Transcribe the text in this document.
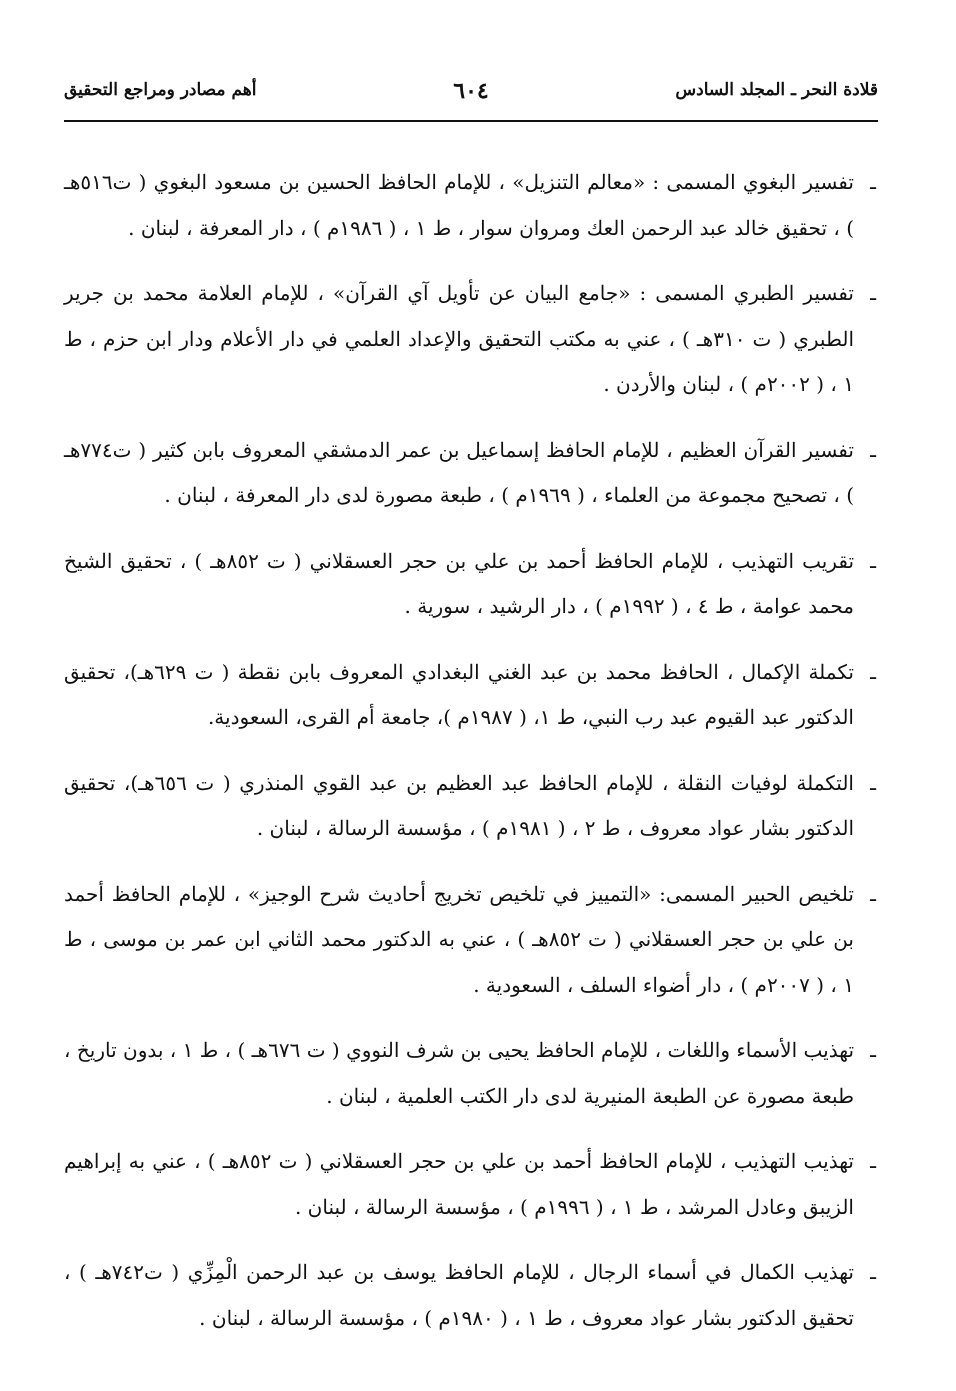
قلادة النحر ـ المجلد السادس
٦٠٤
أهم مصادر ومراجع التحقيق

ـ
تفسير البغوي المسمى : «معالم التنزيل» ، للإمام الحافظ الحسين بن مسعود البغوي ( ت٥١٦هـ ) ، تحقيق خالد عبد الرحمن العك ومروان سوار ، ط ١ ، ( ١٩٨٦م ) ، دار المعرفة ، لبنان .

ـ
تفسير الطبري المسمى : «جامع البيان عن تأويل آي القرآن» ، للإمام العلامة محمد بن جرير الطبري ( ت ٣١٠هـ ) ، عني به مكتب التحقيق والإعداد العلمي في دار الأعلام ودار ابن حزم ، ط ١ ، ( ٢٠٠٢م ) ، لبنان والأردن .

ـ
تفسير القرآن العظيم ، للإمام الحافظ إسماعيل بن عمر الدمشقي المعروف بابن كثير ( ت٧٧٤هـ ) ، تصحيح مجموعة من العلماء ، ( ١٩٦٩م ) ، طبعة مصورة لدى دار المعرفة ، لبنان .

ـ
تقريب التهذيب ، للإمام الحافظ أحمد بن علي بن حجر العسقلاني ( ت ٨٥٢هـ ) ، تحقيق الشيخ محمد عوامة ، ط ٤ ، ( ١٩٩٢م ) ، دار الرشيد ، سورية .

ـ
تكملة الإكمال ، الحافظ محمد بن عبد الغني البغدادي المعروف بابن نقطة ( ت ٦٢٩هـ)، تحقيق الدكتور عبد القيوم عبد رب النبي، ط ١، ( ١٩٨٧م )، جامعة أم القرى، السعودية.

ـ
التكملة لوفيات النقلة ، للإمام الحافظ عبد العظيم بن عبد القوي المنذري ( ت ٦٥٦هـ)، تحقيق الدكتور بشار عواد معروف ، ط ٢ ، ( ١٩٨١م ) ، مؤسسة الرسالة ، لبنان .

ـ
تلخيص الحبير المسمى: «التمييز في تلخيص تخريج أحاديث شرح الوجيز» ، للإمام الحافظ أحمد بن علي بن حجر العسقلاني ( ت ٨٥٢هـ ) ، عني به الدكتور محمد الثاني ابن عمر بن موسى ، ط ١ ، ( ٢٠٠٧م ) ، دار أضواء السلف ، السعودية .

ـ
تهذيب الأسماء واللغات ، للإمام الحافظ يحيى بن شرف النووي ( ت ٦٧٦هـ ) ، ط ١ ، بدون تاريخ ، طبعة مصورة عن الطبعة المنيرية لدى دار الكتب العلمية ، لبنان .

ـ
تهذيب التهذيب ، للإمام الحافظ أحمد بن علي بن حجر العسقلاني ( ت ٨٥٢هـ ) ، عني به إبراهيم الزيبق وعادل المرشد ، ط ١ ، ( ١٩٩٦م ) ، مؤسسة الرسالة ، لبنان .

ـ
تهذيب الكمال في أسماء الرجال ، للإمام الحافظ يوسف بن عبد الرحمن الْمِزِّي ( ت٧٤٢هـ ) ، تحقيق الدكتور بشار عواد معروف ، ط ١ ، ( ١٩٨٠م ) ، مؤسسة الرسالة ، لبنان .
